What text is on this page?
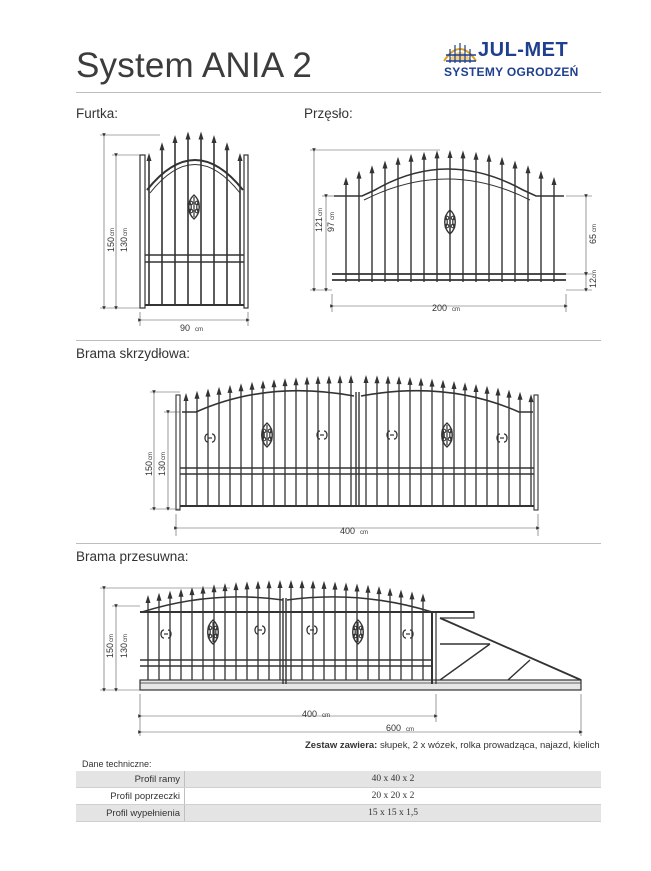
System ANIA 2	JUL-MET
SYSTEMY OGRODZEŃ
Furtka:	Przęsło:
Brama skrzydłowa:
Brama przesuwna:
150
cm
130
cm
90 cm
121
cm
97
cm
65
cm
12
cm
200 cm
150
cm
130
cm
400 cm
150
cm
130
cm
400 cm
600 cm
Zestaw zawiera: słupek, 2 x wózek, rolka prowadząca, najazd, kielich
Dane techniczne:
Profil ramy	40 x 40 x 2
Profil poprzeczki	20 x 20 x 2
Profil wypełnienia	15 x 15 x 1,5
